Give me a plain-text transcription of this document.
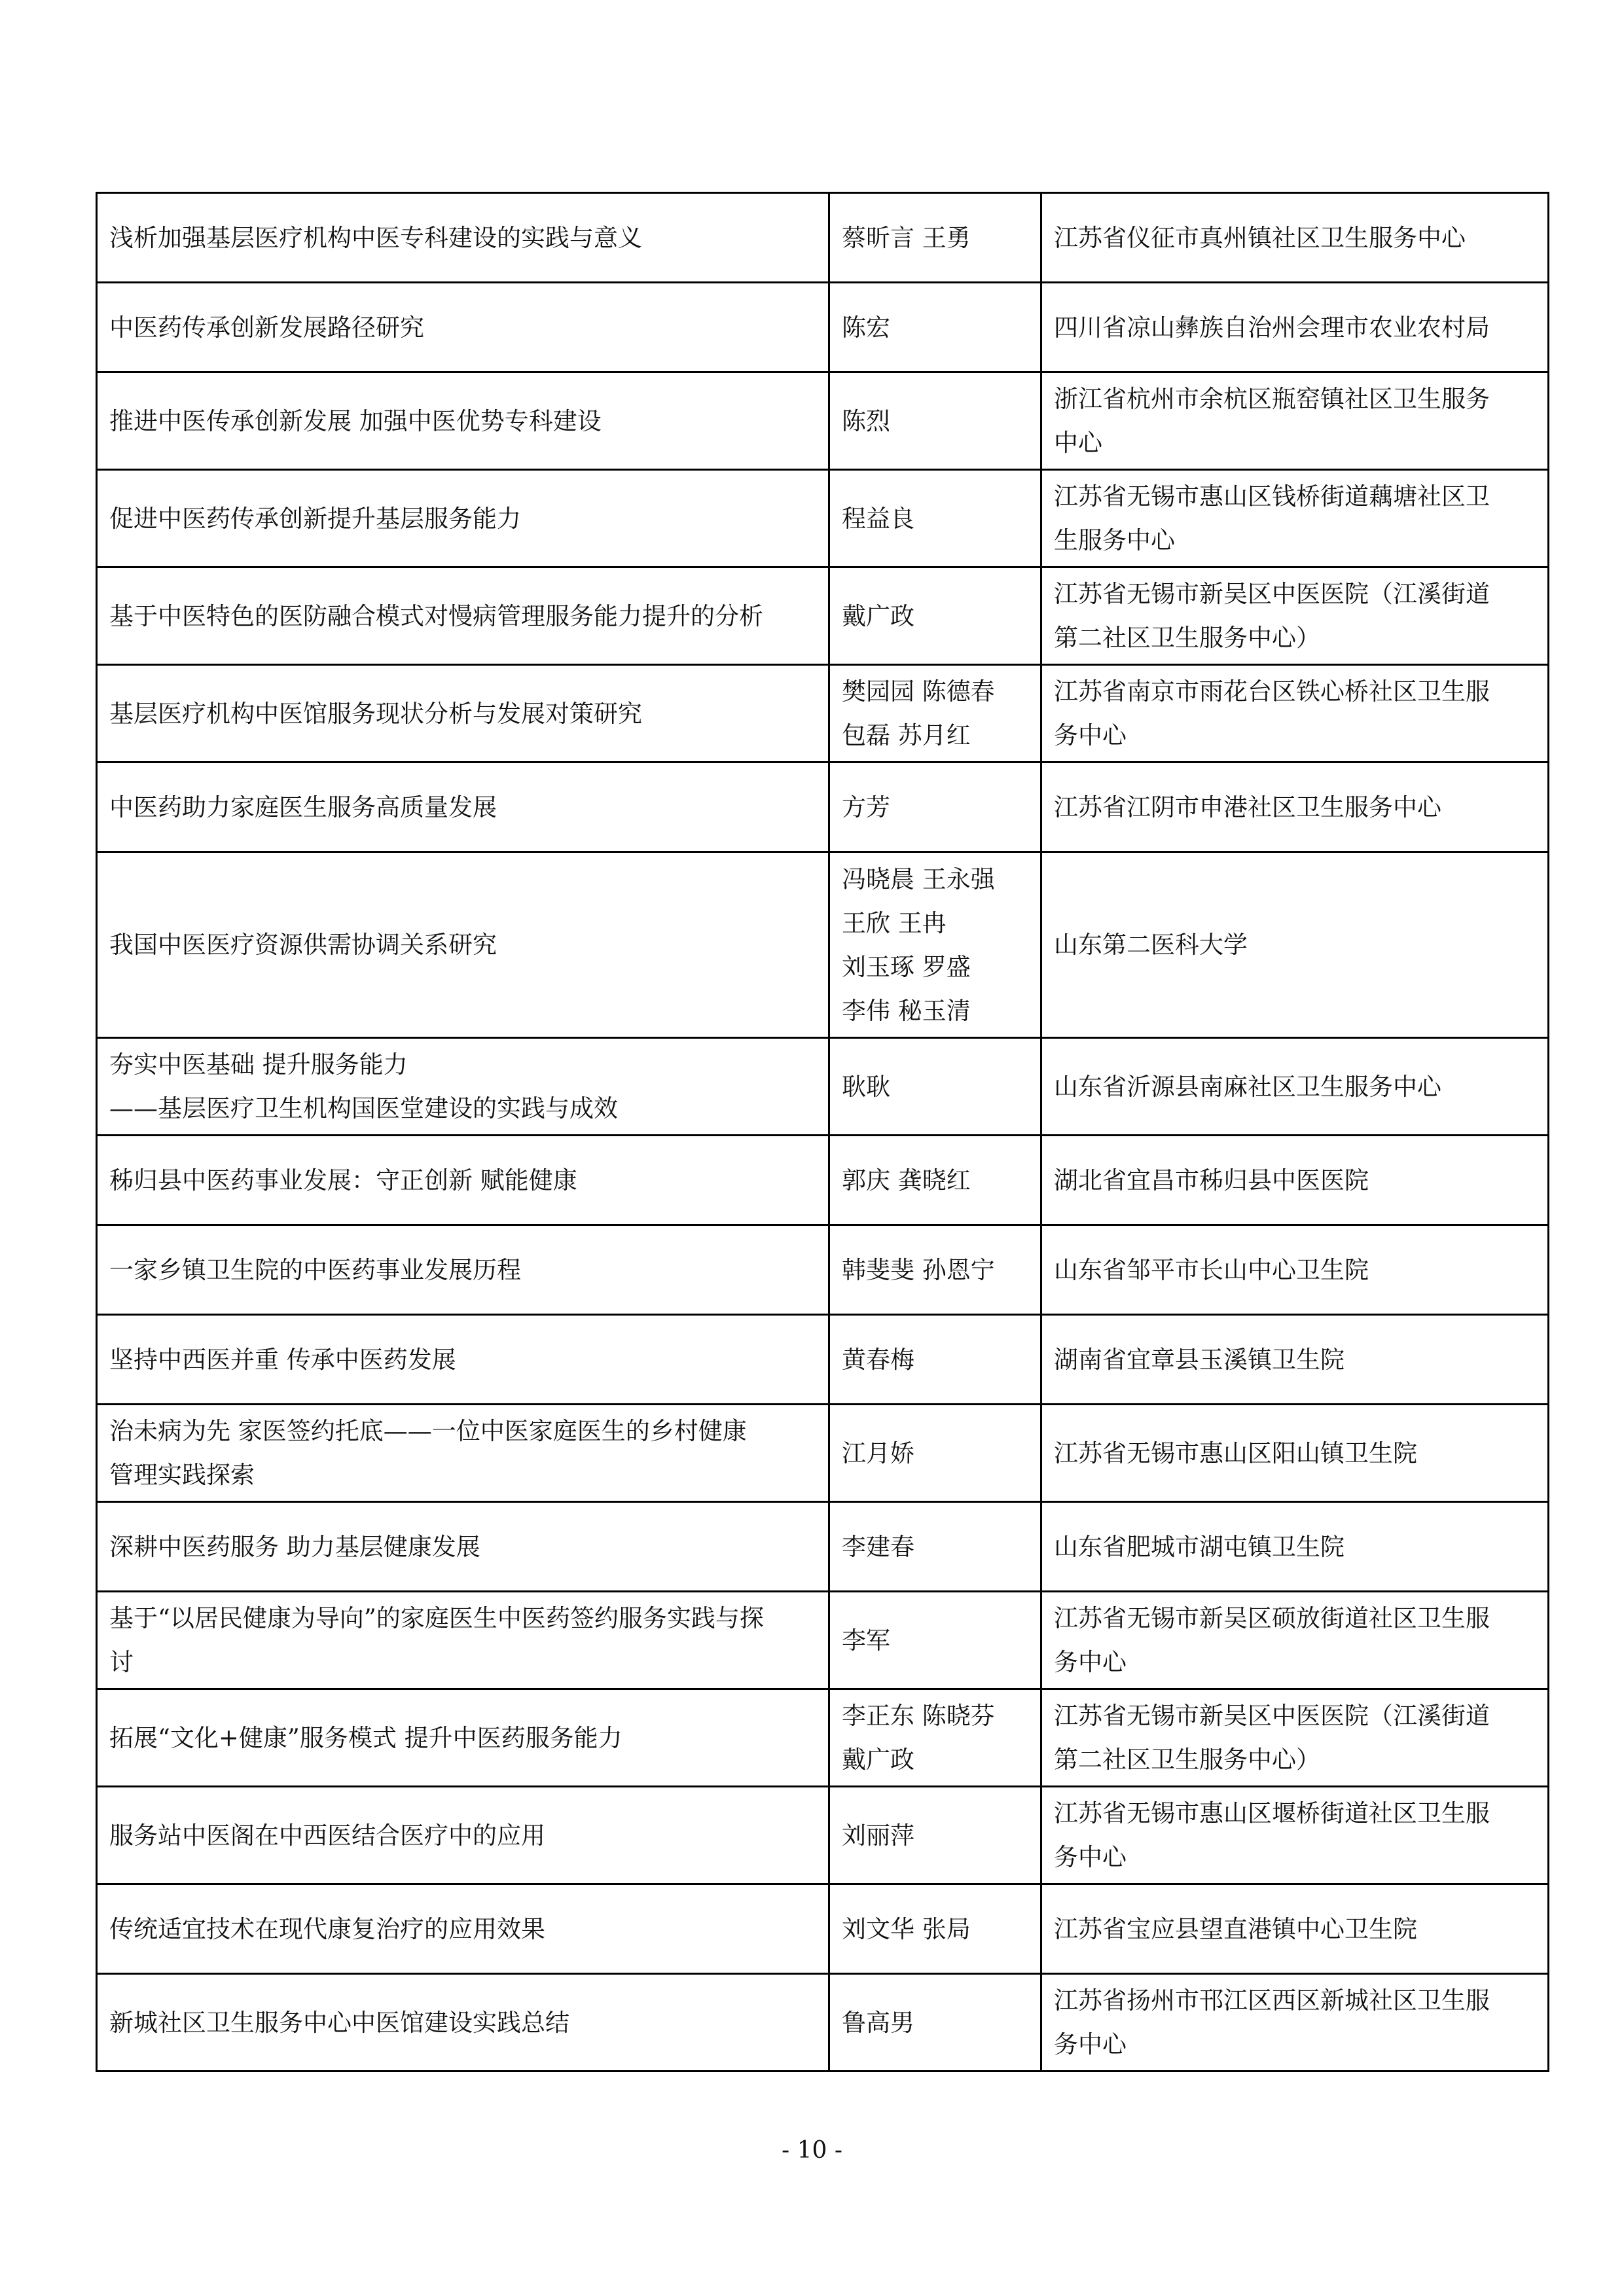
浅析加强基层医疗机构中医专科建设的实践与意义	蔡昕言 王勇	江苏省仪征市真州镇社区卫生服务中心

中医药传承创新发展路径研究	陈宏	四川省凉山彝族自治州会理市农业农村局

推进中医传承创新发展 加强中医优势专科建设	陈烈	浙江省杭州市余杭区瓶窑镇社区卫生服务
中心

促进中医药传承创新提升基层服务能力	程益良	江苏省无锡市惠山区钱桥街道藕塘社区卫
生服务中心

基于中医特色的医防融合模式对慢病管理服务能力提升的分析	戴广政	江苏省无锡市新吴区中医医院（江溪街道
第二社区卫生服务中心）

基层医疗机构中医馆服务现状分析与发展对策研究	樊园园 陈德春
包磊 苏月红	江苏省南京市雨花台区铁心桥社区卫生服
务中心

中医药助力家庭医生服务高质量发展	方芳	江苏省江阴市申港社区卫生服务中心

我国中医医疗资源供需协调关系研究	冯晓晨 王永强
王欣 王冉
刘玉琢 罗盛
李伟 秘玉清	山东第二医科大学

夯实中医基础 提升服务能力
——基层医疗卫生机构国医堂建设的实践与成效	耿耿	山东省沂源县南麻社区卫生服务中心

秭归县中医药事业发展：守正创新 赋能健康	郭庆 龚晓红	湖北省宜昌市秭归县中医医院

一家乡镇卫生院的中医药事业发展历程	韩斐斐 孙恩宁	山东省邹平市长山中心卫生院

坚持中西医并重 传承中医药发展	黄春梅	湖南省宜章县玉溪镇卫生院

治未病为先 家医签约托底——一位中医家庭医生的乡村健康
管理实践探索	江月娇	江苏省无锡市惠山区阳山镇卫生院

深耕中医药服务 助力基层健康发展	李建春	山东省肥城市湖屯镇卫生院

基于“以居民健康为导向”的家庭医生中医药签约服务实践与探
讨	李军	江苏省无锡市新吴区硕放街道社区卫生服
务中心

拓展“文化+健康”服务模式 提升中医药服务能力	李正东 陈晓芬
戴广政	江苏省无锡市新吴区中医医院（江溪街道
第二社区卫生服务中心）

服务站中医阁在中西医结合医疗中的应用	刘丽萍	江苏省无锡市惠山区堰桥街道社区卫生服
务中心

传统适宜技术在现代康复治疗的应用效果	刘文华 张局	江苏省宝应县望直港镇中心卫生院

新城社区卫生服务中心中医馆建设实践总结	鲁高男	江苏省扬州市邗江区西区新城社区卫生服
务中心
- 10 -
